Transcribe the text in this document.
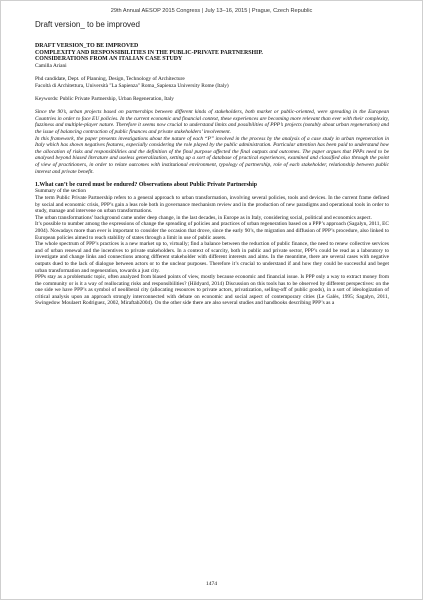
29th Annual AESOP 2015 Congress | July 13–16, 2015 | Prague, Czech Republic
Draft version_ to be improved
DRAFT VERSION_TO BE IMPROVED
COMPLEXITY AND RESPONSIBILITIES IN THE PUBLIC-PRIVATE PARTNERSHIP.
CONSIDERATIONS FROM AN ITALIAN CASE STUDY
Camilla Ariani
Phd candidate, Dept. of Planning, Design, Technology of Architecture
Facoltà di Architettura, Università "La Sapienza" Roma_Sapienza University Rome (Italy)
Keywords: Public Private Partnership, Urban Regeneration, Italy

Since the 90’s, urban projects based on partnerships between different kinds of stakeholders, both market or public-oriented, were spreading in the European Countries in order to face EU policies. In the current economic and financial context, these experiences are becoming more relevant than ever with their complexity, fuzziness and multiple-player nature. Therefore it seems now crucial to understand limits and possibilities of PPP’s projects (notably about urban regeneration) and the issue of balancing contraction of public finances and private stakeholders’ involvement.

In this framework, the paper presents investigations about the nature of each “P” involved in the process by the analysis of a case study in urban regeneration in Italy which has shown negatives features, especially considering the role played by the public administration. Particular attention has been paid to understand how the allocation of risks and responsibilities and the definition of the final purpose affected the final outputs and outcomes. The paper argues that PPPs need to be analysed beyond biased literature and useless generalization, setting up a sort of database of practical experiences, examined and classified also through the point of view of practitioners, in order to relate outcomes with institutional environment, typology of partnership, role of each stakeholder, relationship between public interest and private benefit.

1.What can’t be cured must be endured? Observations about Public Private Partnership
Summary of the section

The term Public Private Partnership refers to a general approach to urban transformation, involving several policies, tools and devices. In the current frame defined by social and economic crisis, PPP’s gain a leas role both in governance mechanism review and in the production of new paradigms and operational tools in order to study, manage and intervene on urban transformations.

The urban transformations’ background came under deep change, in the last decades, in Europe as in Italy, considering social, political and economics aspect.

It’s possible to number among the expressions of change the spreading of policies and practices of urban regeneration based on a PPP’s approach (Sagalyn, 2011, EC 2004). Nowadays more than ever is important to consider the occasion that drove, since the early 90’s, the migration and diffusion of PPP’s procedure, also linked to European policies aimed to reach stability of states through a limit in use of public assets.

The whole spectrum of PPP’s practices is a new market up to, virtually; find a balance between the reduction of public finance, the need to renew collective services and of urban renewal and the incentives to private stakeholders. In a context of scarcity, both in public and private sector, PPP’s could be read as a laboratory to investigate and change links and connections among different stakeholder with different interests and aims. In the meantime, there are several cases with negative outputs dued to the lack of dialogue between actors or to the unclear purposes. Therefore it’s crucial to understand if and how they could be successful and beget urban transformation and regeneration, towards a just city.

PPPs stay as a problematic topic, often analyzed from biased points of view, mostly because economic and financial issue. Is PPP only a way to extract money from the community or is it a way of reallocating risks and responsibilities? (Hildyard, 2014) Discussion on this tools has to be observed by different perspectives: on the one side we have PPP’s as symbol of neoliberal city (allocating resources to private actors, privatization, selling-off of public goods), in a sort of ideologization of critical analysis upon an approach strongly interconnected with debate on economic and social aspect of contemporary cities (Le Galès, 1995; Sagalyn, 2011, Swingedow Moulaert Rodriguez, 2002, Miraftab2004). On the other side there are also several studies and handbooks describing PPP’s as a

1474
